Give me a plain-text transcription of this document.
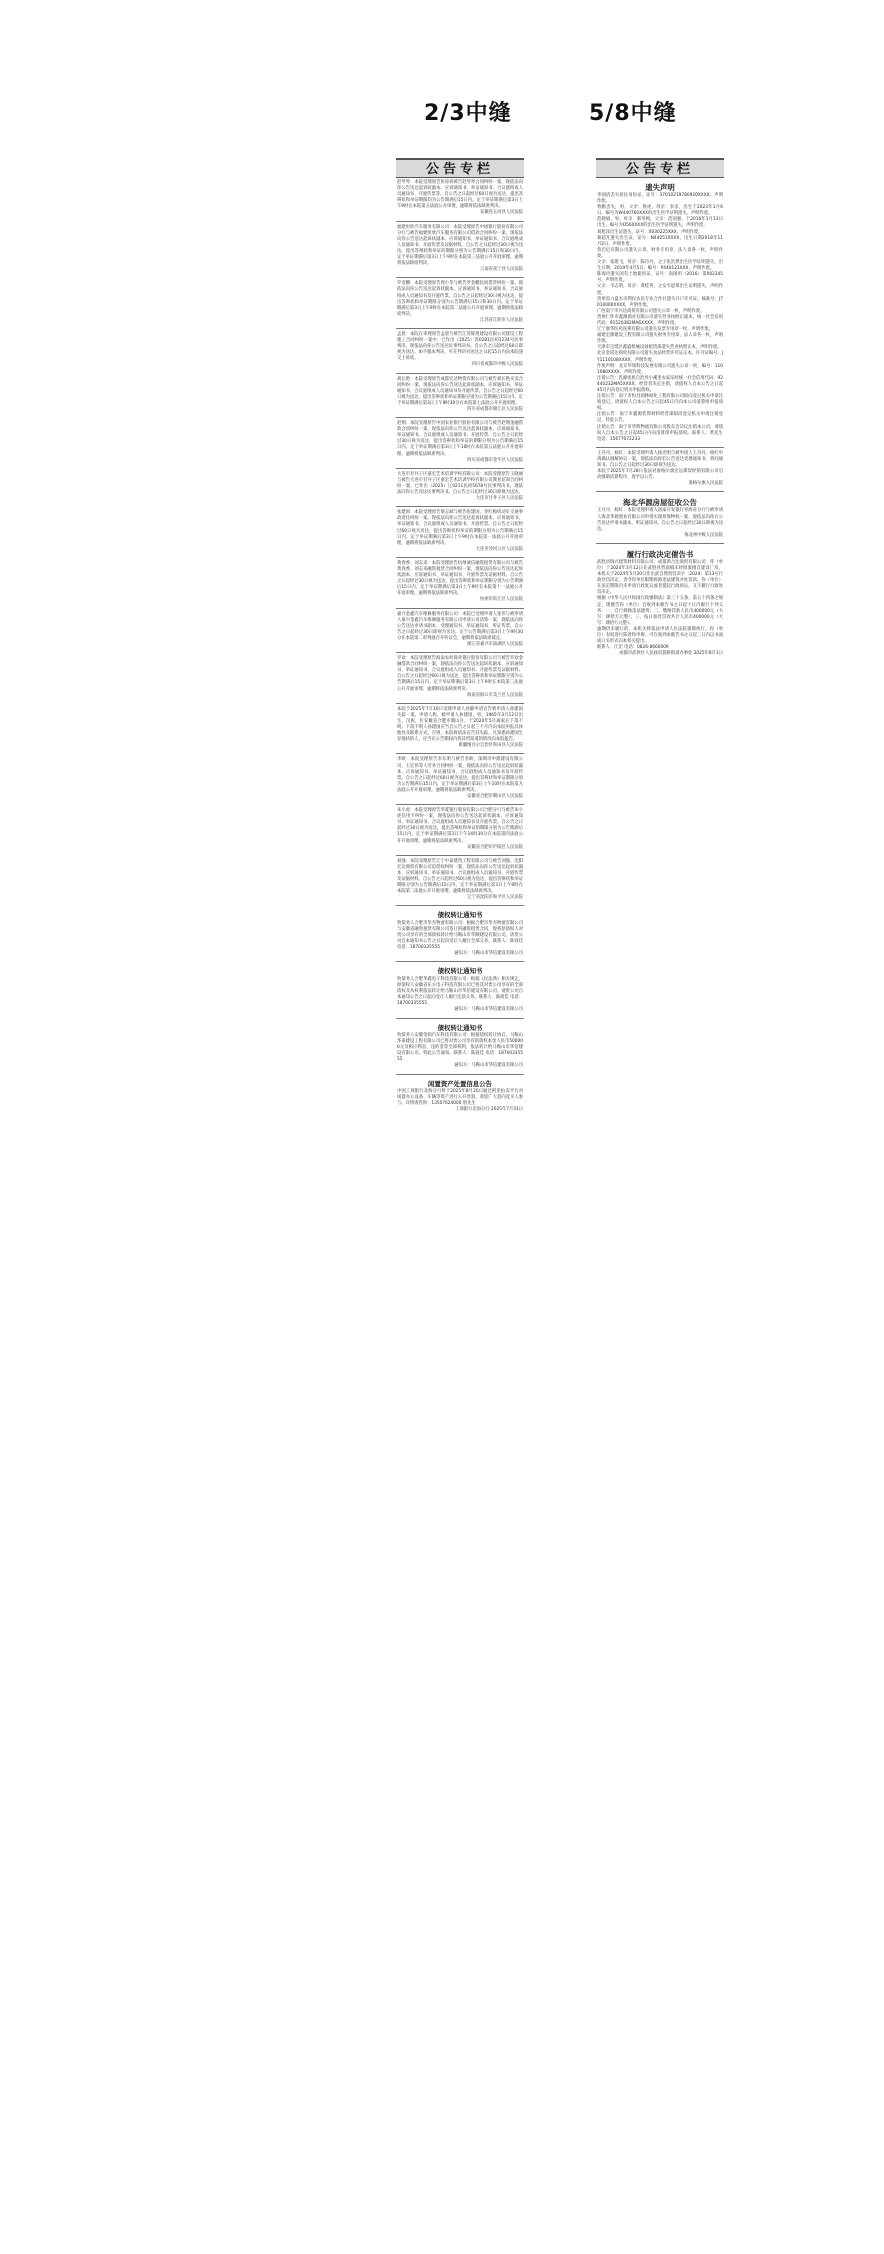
2/3中缝	5/8中缝
公告专栏
赵琴琴：本院受理原告彭涛诉被告赵琴琴合同纠纷一案，现依法向你公告送达起诉状副本、应诉通知书、举证通知书、合议庭组成人员通知书、开庭传票等。自公告之日起经过60日视为送达，提出答辩状和举证期限均为公告期满后15日内。定于举证期满后第3日上午9时在本院第五法庭公开审理，逾期将依法缺席判决。
安徽省五河县人民法院
福建恒欣汽车服务有限公司：本院受理原告中国银行股份有限公司分行与被告福建恒欣汽车服务有限公司借款合同纠纷一案，现依法向你公告送达起诉状副本、应诉通知书、举证通知书、合议庭组成人员通知书、开庭传票及证据材料。自公告之日起经过30日视为送达。提出答辩状和举证的期限分别为公告期满后15日和30日内。定于举证期满后第3日上午9时在本院第三法庭公开开庭审理，逾期将依法缺席判决。
云南省富宁县人民法院
罗金鹏：本院受理原告周小华与被告罗金鹏民间借贷纠纷一案，现依法向你公告送达起诉状副本、应诉通知书、举证通知书、合议庭组成人员通知书及开庭传票。自公告之日起经过30日视为送达，提出答辩状和举证期限分别为公告期满后15日和30日内。定于举证期满后第3日上午9时在本院第二法庭公开开庭审理，逾期将依法缺席判决。
江苏省江阴市人民法院
孟晨：本院在审理原告孟晨与被告江苏辉煌建设有限公司建设工程施工合同纠纷一案中，已作出（2025）苏0281民初1234号民事判决。现依法向你公告送达民事判决书。自公告之日起经过60日即视为送达。如不服本判决，可在判决书送达之日起15日内向本院递交上诉状。
四川省成都市中级人民法院
胡长艳：本院受理原告成都宏达物资有限公司与被告胡长艳买卖合同纠纷一案，现依法向你公告送达起诉状副本、应诉通知书、举证通知书、合议庭组成人员通知书及开庭传票。自公告之日起经过60日视为送达，提出答辩状和举证期限分别为公告期满后15日内。定于举证期满后第3日上午9时30分在本院第七法庭公开开庭审理。
四川省成都市锦江区人民法院
赵翔：本院受理原告中国农业银行股份有限公司与被告赵翔金融借款合同纠纷一案，现依法向你公告送达起诉状副本、应诉通知书、举证通知书、合议庭组成人员通知书、开庭传票。自公告之日起经过30日视为送达，提出答辩状和举证的期限分别为公告期满后15日内。定于举证期满后第3日上午10时在本院第五法庭公开开庭审理。逾期将依法缺席判决。
四川省成都市金牛区人民法院
大连市甘井子区嘉宏艺术培训学校有限公司：本院受理原告王晓丽与被告大连市甘井子区嘉宏艺术培训学校有限公司教育培训合同纠纷一案，已作出（2025）辽0211民初5678号民事判决书。现依法向你公告送达民事判决书。自公告之日起经过30日即视为送达。
大连市甘井子区人民法院
张建国：本院受理原告梁志斌与被告张建国、李红梅机动车交通事故责任纠纷一案，现依法向你公告送达起诉状副本、应诉通知书、举证通知书、合议庭组成人员通知书、开庭传票。自公告之日起经过60日视为送达，提出答辩状和举证的期限分别为公告期满后15日内。定于举证期满后第3日上午9时在本院第一法庭公开开庭审理，逾期将依法缺席判决。
大连市沙河口区人民法院
黄春香、刘志来：本院受理原告杭州诚信融资租赁有限公司与被告黄春香、刘志来融资租赁合同纠纷一案，现依法向你公告送达起诉状副本、应诉通知书、举证通知书、开庭传票及证据材料。自公告之日起经过30日视为送达，提出答辩状和举证期限分别为公告期满后15日内，定于举证期满后第3日上午9时在本院第十一法庭公开开庭审理，逾期将依法缺席判决。
杭州市滨江区人民法院
嘉兴金鑫汽车维修服务有限公司：本院已受理申请人张伟与被申请人嘉兴金鑫汽车维修服务有限公司申请公司清算一案，现依法向你公告送达申请书副本、受理通知书、举证通知书、听证传票。自公告之日起经过30日即视为送达。定于公告期满后第3日上午9时30分在本院第二审判庭召开听证会，逾期将依法缺席裁定。
浙江省嘉兴市南湖区人民法院
罗欢：本院受理原告海南农村商业银行股份有限公司与被告罗欢金融借款合同纠纷一案，现依法向你公告送达起诉状副本、应诉通知书、举证通知书、合议庭组成人员通知书、开庭传票及证据材料。自公告之日起经过60日视为送达，提出答辩状和举证期限分别为公告期满后15日内。定于举证期满后第3日上午9时在本院第三法庭公开开庭审理，逾期将依法缺席判决。
海南省海口市美兰区人民法院
本院于2025年7月10日受理申请人孙静申请宣告被申请人孙建国失踪一案。申请人称，被申请人孙建国，男，1965年3月12日出生，汉族，住安徽省合肥市蜀山区，于2020年5月离家后下落不明。下落不明人孙建国应当自公告之日起三个月内向本院申报具体地址及联系方式，否则，本院将依法宣告其失踪。凡知悉孙建国生存现状的人，应当在公告期间内将其所知道的情况向本院报告。
新疆维吾尔自治区和田县人民法院
李欧：本院受理原告李东明与被告李欧、深圳市中鼎建设有限公司、王宏伟等人劳务合同纠纷一案，现依法向你公告送达起诉状副本、应诉通知书、举证通知书、合议庭组成人员通知书及开庭传票。自公告之日起经过60日视为送达，提出答辩状和举证期限分别为公告期满后15日内，定于举证期满后第3日上午10时在本院第九法庭公开开庭审理，逾期将依法缺席判决。
安徽省合肥市蜀山区人民法院
朱小虎：本院受理原告华夏银行股份有限公司合肥分行与被告朱小虎信用卡纠纷一案，现依法向你公告送达起诉状副本、应诉通知书、举证通知书、合议庭组成人员通知书及开庭传票。自公告之日起经过30日视为送达，提出答辩状和举证的期限分别为公告期满后15日内。定于举证期满后第3日下午14时30分在本院第四法庭公开开庭审理，逾期将依法缺席判决。
安徽省合肥市庐阳区人民法院
刘强：本院受理原告辽宁中泰建筑工程有限公司与被告刘强、沈阳宏达商贸有限公司追偿权纠纷一案，现依法向你公告送达起诉状副本、应诉通知书、举证通知书、合议庭组成人员通知书、开庭传票及证据材料。自公告之日起经过60日视为送达，提出答辩状和举证期限分别为公告期满后15日内，定于举证期满后第3日上午9时在本院第二法庭公开开庭审理，逾期将依法缺席判决。
辽宁省沈阳市和平区人民法院
债权转让通知书
致债务人合肥市华杰物流有限公司：根据合肥市华杰物流有限公司与安徽省融资租赁有限公司签订的融资租赁合同，现将原债权人对贵公司享有的全部债权转让给马鞍山市华顺建设有限公司，请贵公司自本通知书公告之日起向受让人履行全部义务。联系人：陈商佳 电话：18700335555
通知方：马鞍山市华信建设有限公司
债权转让通知书
致债务人合肥华鑫电子科技有限公司：根据《民法典》相关规定，原债权人安徽省东方电子科技有限公司已将其对贵公司享有的全部债权及从权利依法转让给马鞍山市华信建设有限公司。请贵公司自本通知公告之日起向受让人履行还款义务。联系人：陈商佳 电话：18700335555
通知方：马鞍山市华信建设有限公司
债权转让通知书
致债务人安徽金润汽车科技有限公司：根据债权转让协议，马鞍山华泰建设工程有限公司已将对贵公司享有的债权本金人民币500000元及相应利息、违约金等全部权利，依法转让给马鞍山市华信建设有限公司。特此公告通知。联系人：陈商佳 电话：18700335555
通知方：马鞍山市华信建设有限公司
闲置资产处置信息公告
中国工商银行北海分行将于2025年8月20日通过阿里拍卖平台对闲置办公设备、车辆等资产进行公开处置，欢迎广大意向竞买人参与。详情请咨询：13507624000 唐先生
工商银行北海分行 2025年7月31日
公告专栏
遗失声明
李国清丢失居民身份证，证号：37010219780920XXXX，声明作废。
鲁勤丢失，男，父亲：鲁虎，母亲：李彦，出生于2023年1月6日，编号为W440760XXX的出生医学证明遗失，声明作废。
范晓斌，男，母亲：韩冬梅，父亲：范国强，于2016年1月13日出生，编号为O560XXX的出生医学证明遗失，声明作废。
刘旭泽出生证遗失，证号：X030225XXX，声明作废。
葛超凡遗失出生证，证号：N44051XXXX，出生日期2018年11月2日，声明作废。
曾巴尼有限公司遗失公章、财务专用章、法人章各一枚，声明作废。
父亲：张建飞，母亲：陈丹丹，之子张浩然出生医学证明遗失，出生日期：2019年4月5日，编号：P440121XXX，声明作废。
陈海玲遗失国有土地使用证，证号：南国用（2016）第002345号，声明作废。
父亲：韦志明，母亲：黄桂英，之女韦思琪出生证明遗失，声明作废。
贵州省六盘水市利民农民专业合作社遗失开户许可证，核准号：J7010000XXXX，声明作废。
广西南宁市兴达商贸有限公司遗失公章一枚，声明作废。
贵州仁怀市鑫源酒业有限公司遗失营业执照正副本，统一社会信用代码：91520382MA6XXXX，声明作废。
辽宁康华医药连锁有限公司遗失发票专用章一枚，声明作废。
福建宏源建设工程有限公司遗失财务专用章、法人章各一枚，声明作废。
天津市宝坻区鑫盛机械设备租赁部遗失营业执照正本，声明作废。
北京金诺达商贸有限公司遗失食品经营许可证正本，许可证编号：JY1110108XXXX，声明作废。
作废声明：北京华瑞科技发展有限公司遗失公章一枚，编号：1101080XXXX，声明作废。
注销公告：乳源瑶族自治县小溪里农家乐经统一社会信用代码：92440232MA5XXXX，经营者决定注销，请债权人自本公告之日起45日内向登记机关申报债权。
注销公告：南宁市恒昌园林绿化工程有限公司拟向登记机关申请注销登记，请债权人自本公告之日起45日内向本公司清算组申报债权。
注销公告：南宁市鑫源装饰材料经营部拟向登记机关申请注销登记，特此公告。
注销公告：南宁市华辉物流有限公司股东会决议注销本公司，请债权人自本公告之日起45日内向清算组申报债权。联系人：黄先生 电话：15677072233
王丹丹、杨红：本院受理申请人杨光明与被申请人王丹丹、杨红申请确认调解协议一案，现依法向你们公告送达受理通知书、询问通知书。自公告之日起经过30日即视为送达。
本院于2025年7月28日依法对准格尔旗宏远煤炭经销有限公司启动强制清算程序，现予以公告。
准格尔旗人民法院
海北华源房屋征收公告
王月丹、杨红：本院受理申请人国家开发银行青海省分行与被申请人海北华源置业有限公司申请实现担保物权一案，现依法向你方公告送达申请书副本、听证通知书。自公告之日起经过30日即视为送达。
海北州中级人民法院
履行行政决定催告书
武胜县瑞兴建筑材料有限公司、成都鸿合达商贸有限公司：你（单位）于2024年3月12日在武胜县烈面镇未经批准擅自建设厂房，本机关于2024年5月20日作出武自然资罚决字〔2024〕第13号行政处罚决定，责令你单位限期拆除违法建筑并处罚款。你（单位）在法定期限内未申请行政复议或者提起行政诉讼，又不履行行政处罚决定。
根据《中华人民共和国行政强制法》第三十五条、第五十四条之规定，现催告你（单位）自收到本催告书之日起十日内履行下列义务：一、自行拆除违法建筑；二、缴纳罚款人民币400000元（大写：肆拾万元整）；三、按日加处罚款共计人民币400000元（大写：肆拾万元整）。
逾期仍未履行的，本机关将依法申请人民法院强制执行。你（单位）有权进行陈述和申辩，可在收到本催告书之日起三日内以书面或口头形式向本机关提出。
联系人：江宏 电话：0826-8660009
成都市武侯区人民政府簇桥街道办事处 2025年8月1日
